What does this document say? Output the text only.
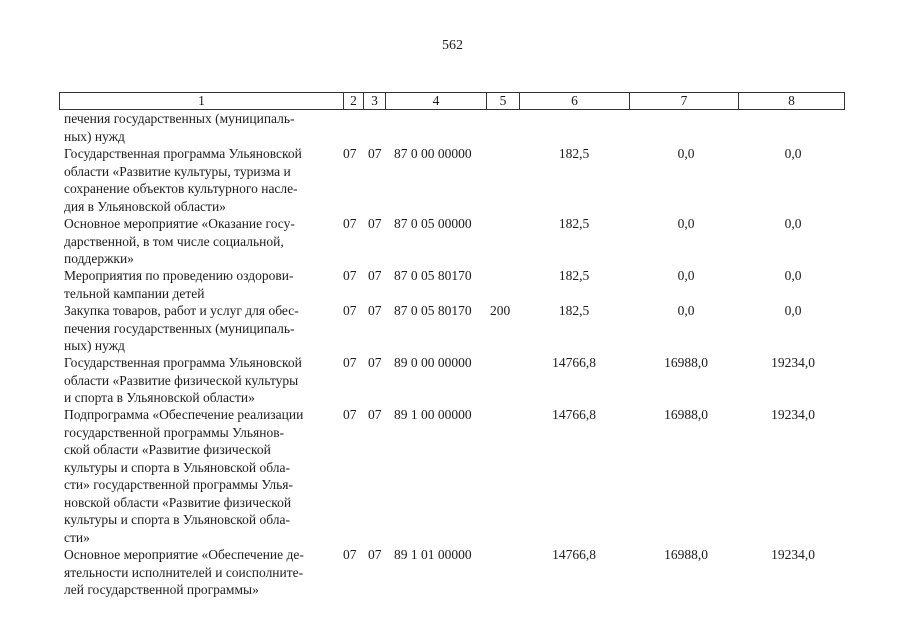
562
1	2	3	4	5	6	7	8
печения государственных (муниципаль-
ных) нужд
Государственная программа Ульяновской
области «Развитие культуры, туризма и
сохранение объектов культурного насле-
дия в Ульяновской области»
07 07 87 0 00 00000	182,5	0,0	0,0
Основное мероприятие «Оказание госу-
дарственной, в том числе социальной,
поддержки»
07 07 87 0 05 00000	182,5	0,0	0,0
Мероприятия по проведению оздорови-
тельной кампании детей
07 07 87 0 05 80170	182,5	0,0	0,0
Закупка товаров, работ и услуг для обес-
печения государственных (муниципаль-
ных) нужд
07 07 87 0 05 80170 200	182,5	0,0	0,0
Государственная программа Ульяновской
области «Развитие физической культуры
и спорта в Ульяновской области»
07 07 89 0 00 00000	14766,8	16988,0	19234,0
Подпрограмма «Обеспечение реализации
государственной программы Ульянов-
ской области «Развитие физической
культуры и спорта в Ульяновской обла-
сти» государственной программы Улья-
новской области «Развитие физической
культуры и спорта в Ульяновской обла-
сти»
07 07 89 1 00 00000	14766,8	16988,0	19234,0
Основное мероприятие «Обеспечение де-
ятельности исполнителей и соисполните-
лей государственной программы»
07 07 89 1 01 00000	14766,8	16988,0	19234,0
